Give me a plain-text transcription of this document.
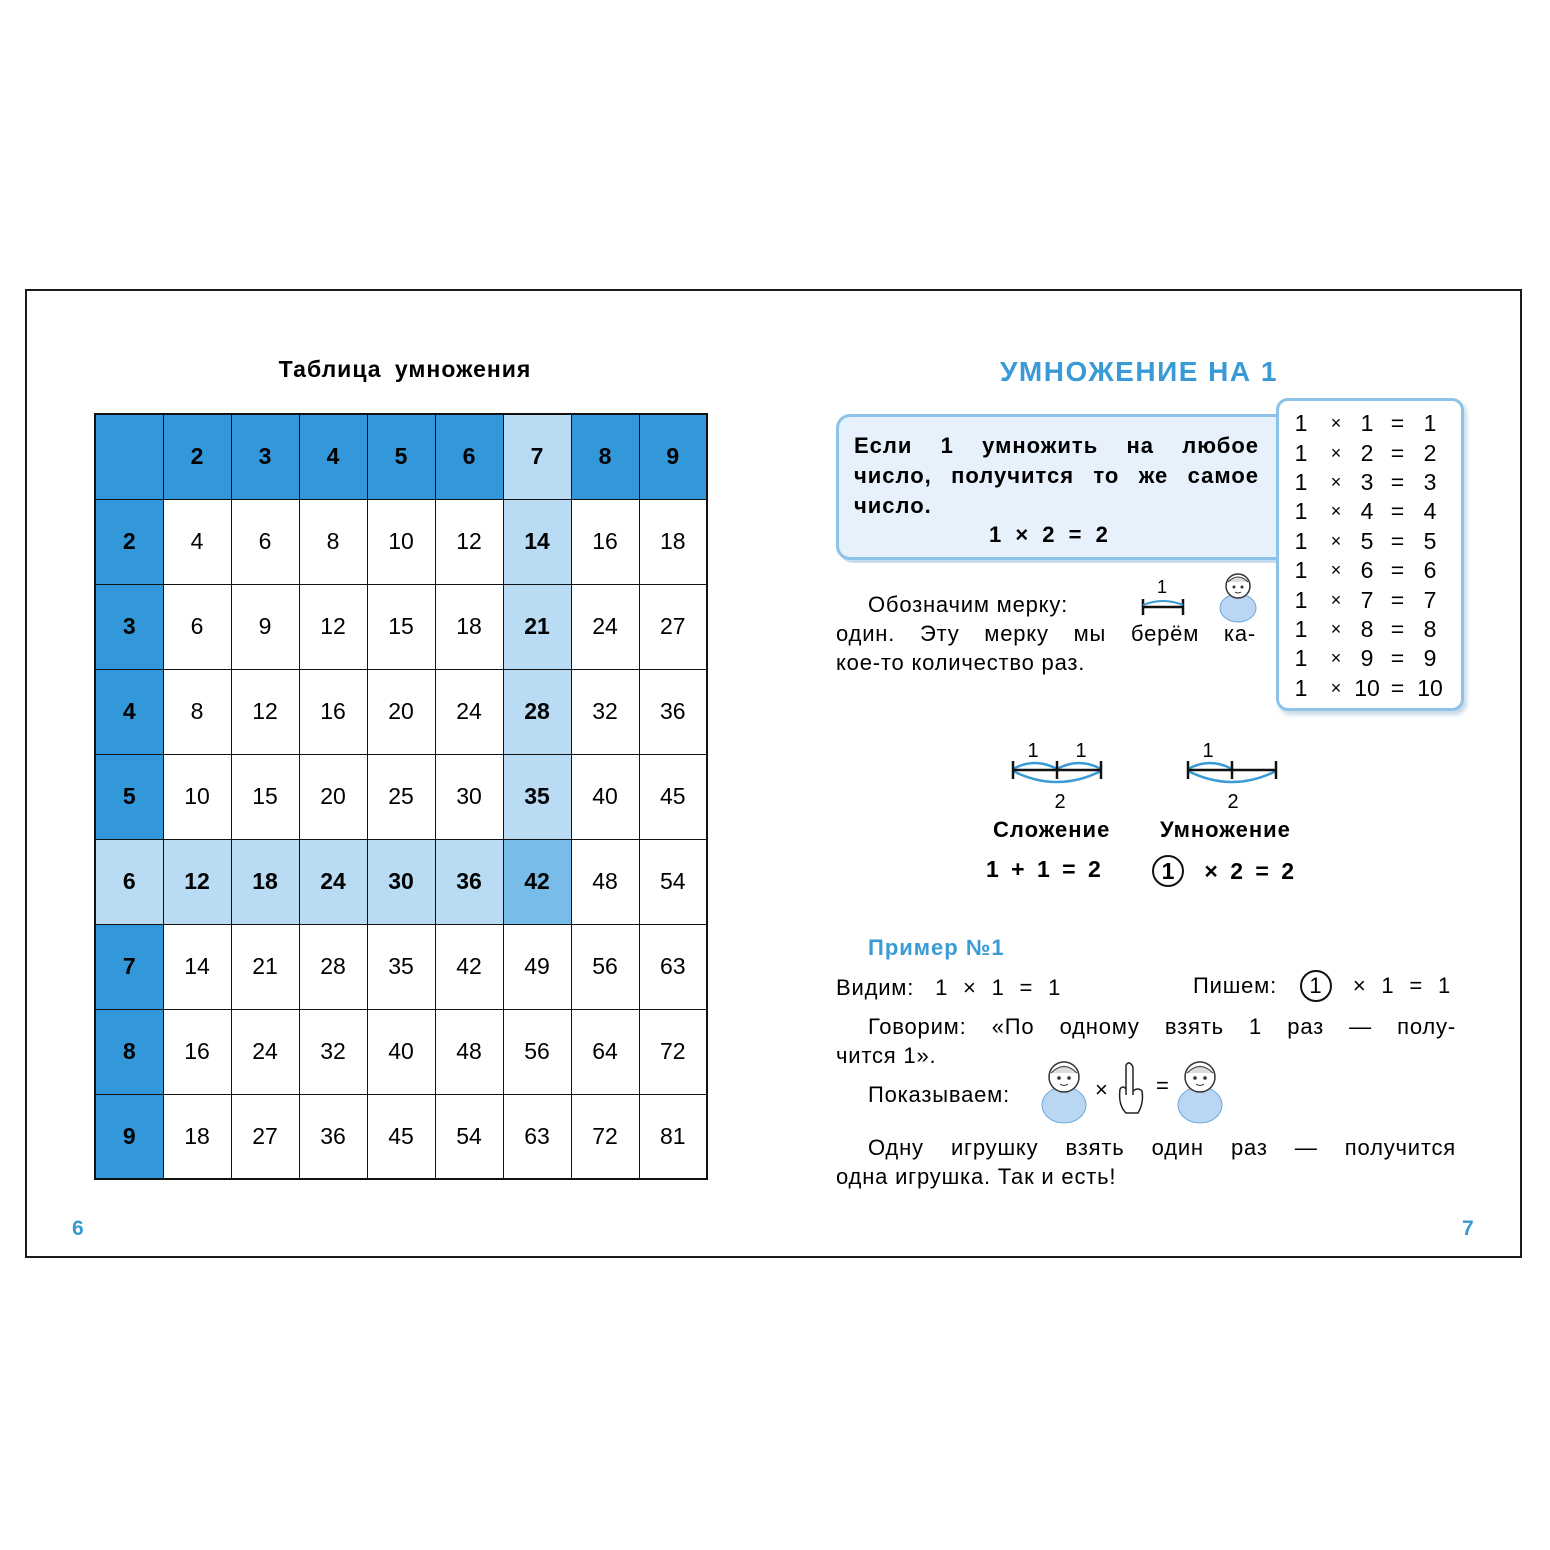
Таблица умножения
	2	3	4	5	6	7	8	9
2	4	6	8	10	12	14	16	18
3	6	9	12	15	18	21	24	27
4	8	12	16	20	24	28	32	36
5	10	15	20	25	30	35	40	45
6	12	18	24	30	36	42	48	54
7	14	21	28	35	42	49	56	63
8	16	24	32	40	48	56	64	72
9	18	27	36	45	54	63	72	81
6
УМНОЖЕНИЕ НА 1
Если 1 умножить на любое число, получится то же самое число.
1 × 2 = 2
1	× 1 = 1
1	× 2 = 2
1	× 3 = 3
1	× 4 = 4
1	× 5 = 5
1	× 6 = 6
1	× 7 = 7
1	× 8 = 8
1	× 9 = 9
1	× 10 = 10
Обозначим мерку:
1
один. Эту мерку мы берём ка-
кое-то количество раз.
1 1
2
1
2
Сложение Умножение
1 + 1 = 2	1 × 2 = 2
Пример №1
Видим: 1 × 1 = 1	Пишем: 1 × 1 = 1
Говорим: «По одному взять 1 раз — полу-
чится 1».
Показываем:	× =
Одну игрушку взять один раз — получится
одна игрушка. Так и есть!
7
